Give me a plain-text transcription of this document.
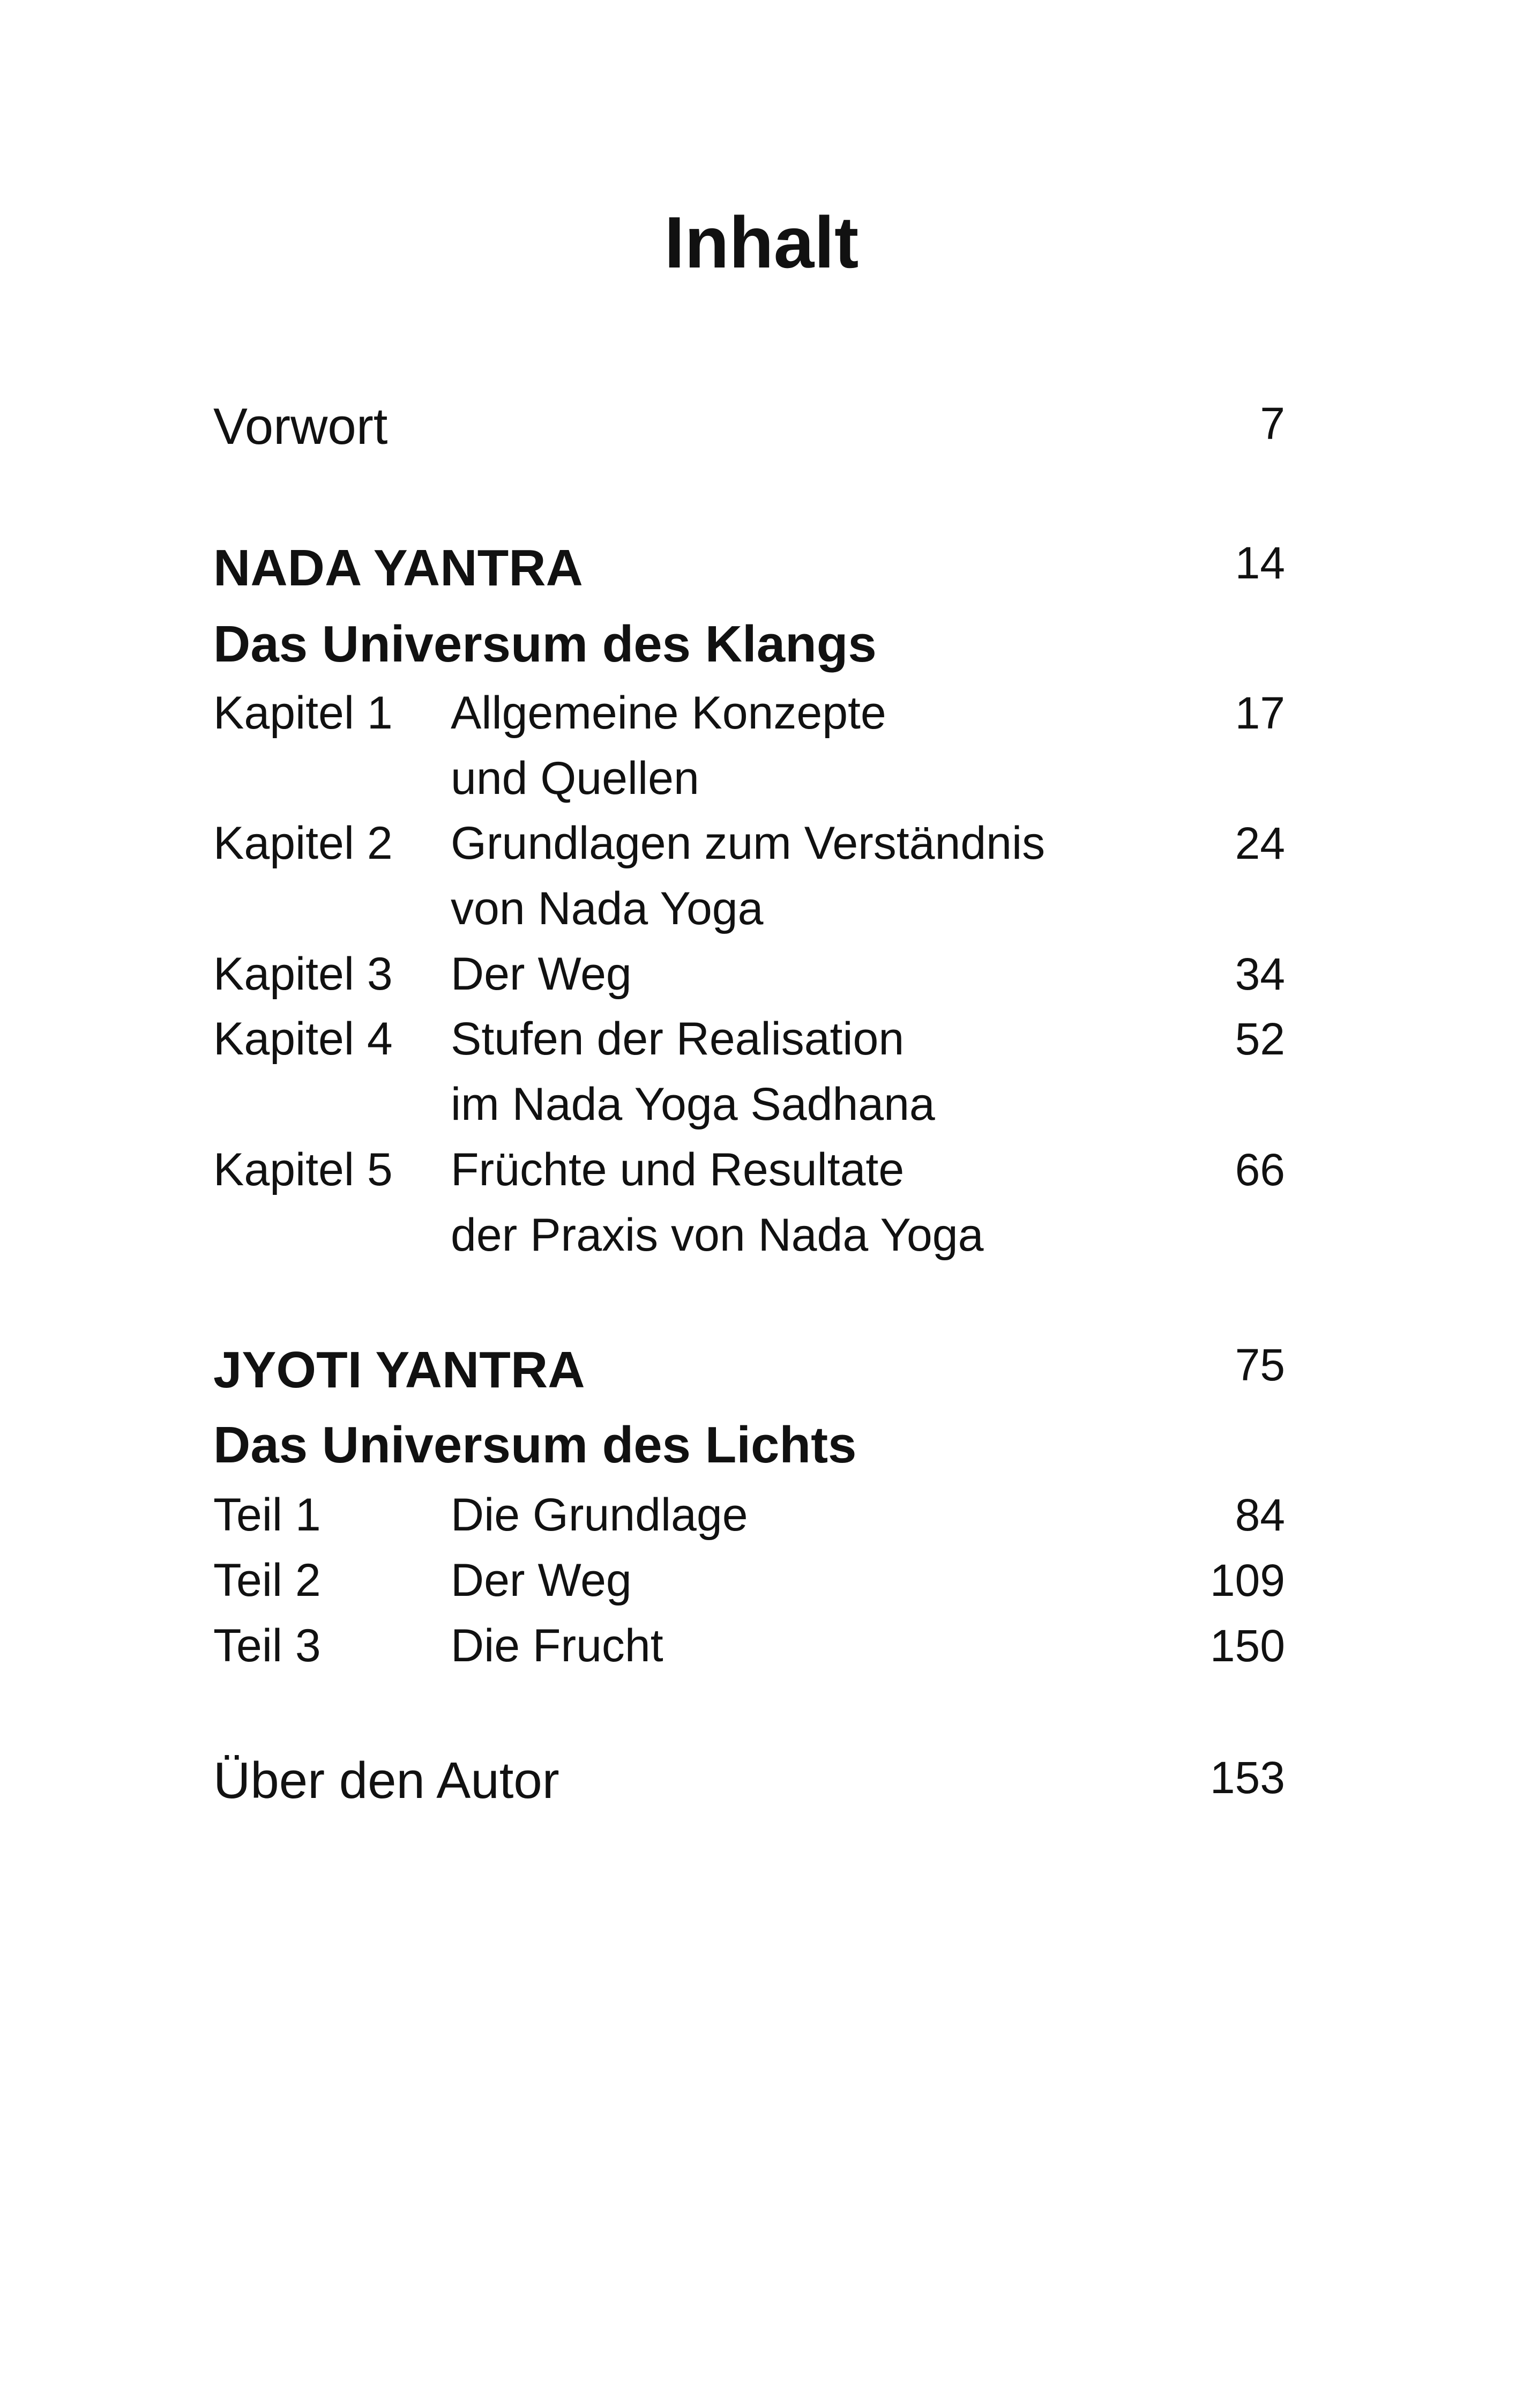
Inhalt
Vorwort	7
NADA YANTRA	14
Das Universum des Klangs
Kapitel 1 Allgemeine Konzepte	17
und Quellen
Kapitel 2 Grundlagen zum Verständnis	24
von Nada Yoga
Kapitel 3 Der Weg	34
Kapitel 4 Stufen der Realisation	52
im Nada Yoga Sadhana
Kapitel 5 Früchte und Resultate	66
der Praxis von Nada Yoga
JYOTI YANTRA	75
Das Universum des Lichts
Teil 1	Die Grundlage	84
Teil 2	Der Weg	109
Teil 3	Die Frucht	150
Über den Autor	153
